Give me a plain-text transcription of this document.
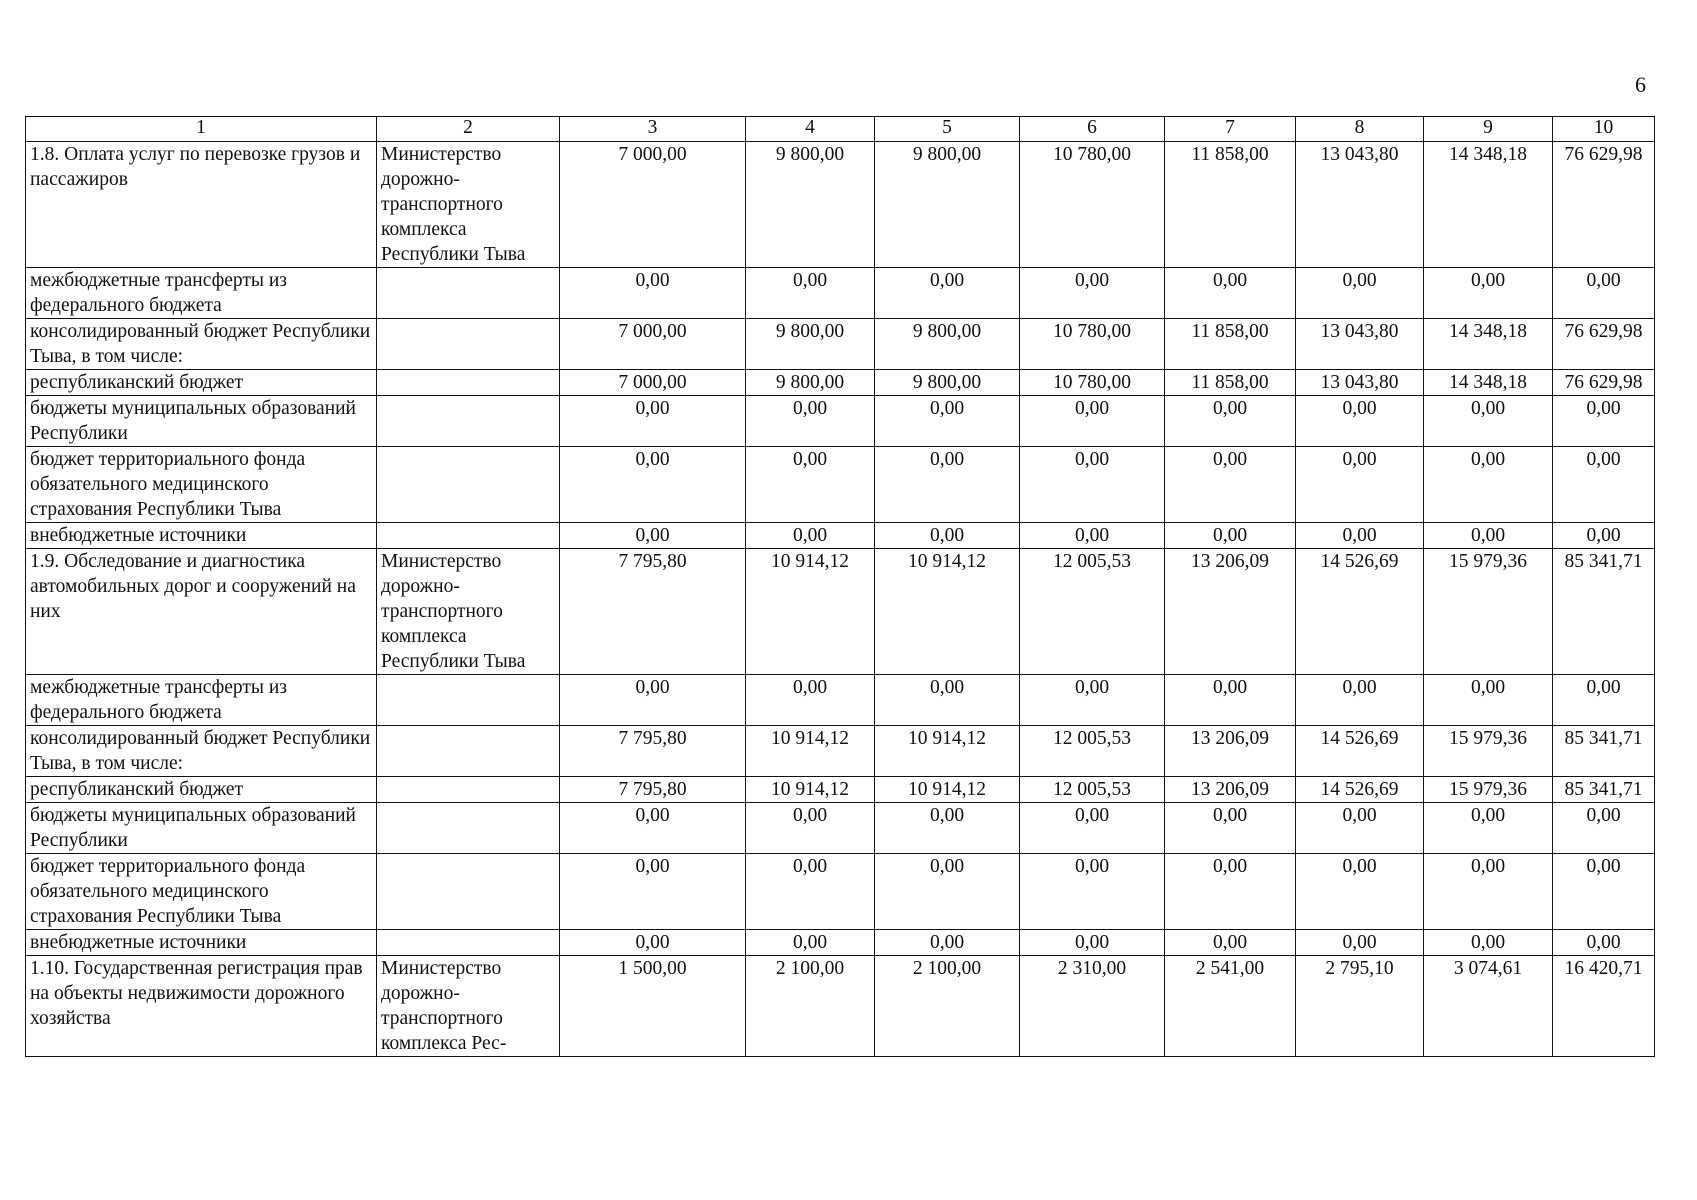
6
1	2	3	4	5	6	7	8	9	10
1.8. Оплата услуг по перевозке грузов и пассажиров	Министерство дорожно-транспортного комплекса Республики Тыва	7 000,00	9 800,00	9 800,00	10 780,00	11 858,00	13 043,80	14 348,18	76 629,98
межбюджетные трансферты из федерального бюджета		0,00	0,00	0,00	0,00	0,00	0,00	0,00	0,00
консолидированный бюджет Республики Тыва, в том числе:		7 000,00	9 800,00	9 800,00	10 780,00	11 858,00	13 043,80	14 348,18	76 629,98
республиканский бюджет		7 000,00	9 800,00	9 800,00	10 780,00	11 858,00	13 043,80	14 348,18	76 629,98
бюджеты муниципальных образований Республики		0,00	0,00	0,00	0,00	0,00	0,00	0,00	0,00
бюджет территориального фонда обязательного медицинского страхования Республики Тыва		0,00	0,00	0,00	0,00	0,00	0,00	0,00	0,00
внебюджетные источники		0,00	0,00	0,00	0,00	0,00	0,00	0,00	0,00
1.9. Обследование и диагностика автомобильных дорог и сооружений на них	Министерство дорожно-транспортного комплекса Республики Тыва	7 795,80	10 914,12	10 914,12	12 005,53	13 206,09	14 526,69	15 979,36	85 341,71
межбюджетные трансферты из федерального бюджета		0,00	0,00	0,00	0,00	0,00	0,00	0,00	0,00
консолидированный бюджет Республики Тыва, в том числе:		7 795,80	10 914,12	10 914,12	12 005,53	13 206,09	14 526,69	15 979,36	85 341,71
республиканский бюджет		7 795,80	10 914,12	10 914,12	12 005,53	13 206,09	14 526,69	15 979,36	85 341,71
бюджеты муниципальных образований Республики		0,00	0,00	0,00	0,00	0,00	0,00	0,00	0,00
бюджет территориального фонда обязательного медицинского страхования Республики Тыва		0,00	0,00	0,00	0,00	0,00	0,00	0,00	0,00
внебюджетные источники		0,00	0,00	0,00	0,00	0,00	0,00	0,00	0,00
1.10. Государственная регистрация прав на объекты недвижимости дорожного хозяйства	Министерство дорожно-транспортного комплекса Рес-	1 500,00	2 100,00	2 100,00	2 310,00	2 541,00	2 795,10	3 074,61	16 420,71
